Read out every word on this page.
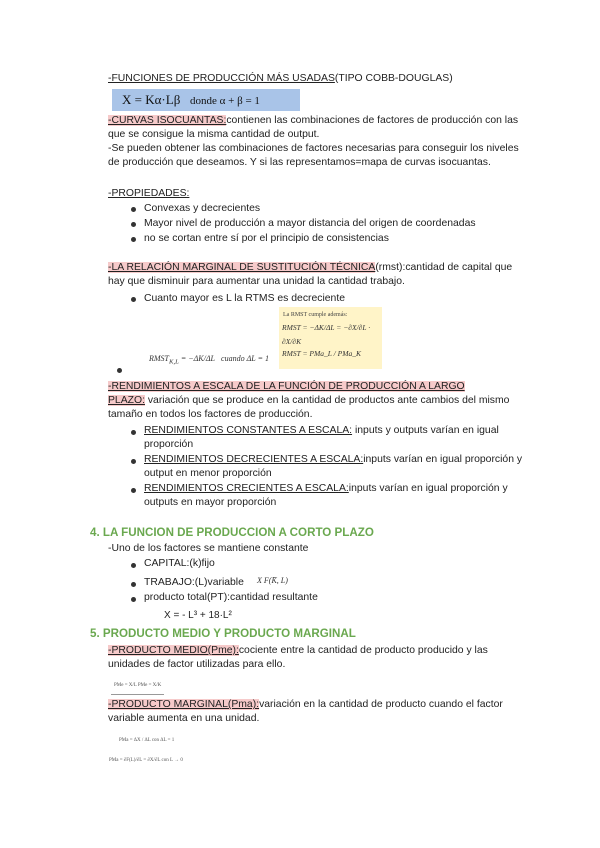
-FUNCIONES DE PRODUCCIÓN MÁS USADAS(TIPO COBB-DOUGLAS)
X = Kα·Lβ donde α + β = 1
-CURVAS ISOCUANTAS:contienen las combinaciones de factores de producción con las que se consigue la misma cantidad de output.
-Se pueden obtener las combinaciones de factores necesarias para conseguir los niveles de producción que deseamos. Y si las representamos=mapa de curvas isocuantas.
-PROPIEDADES:
Convexas y decrecientes
Mayor nivel de producción a mayor distancia del origen de coordenadas
no se cortan entre sí por el principio de consistencias
-LA RELACIÓN MARGINAL DE SUSTITUCIÓN TÉCNICA(rmst):cantidad de capital que hay que disminuir para aumentar una unidad la cantidad trabajo.
Cuanto mayor es L la RTMS es decreciente
La RMST cumple además:
RMST = −ΔK/ΔL = −∂X/∂L · ∂X/∂K
RMST = PMa_L / PMa_K
$RMST_{K,L} = -\Delta K/\Delta L$   cuando ΔL = 1
-RENDIMIENTOS A ESCALA DE LA FUNCIÓN DE PRODUCCIÓN A LARGO
PLAZO: variación que se produce en la cantidad de productos ante cambios del mismo tamaño en todos los factores de producción.
RENDIMIENTOS CONSTANTES A ESCALA: inputs y outputs varían en igual proporción
RENDIMIENTOS DECRECIENTES A ESCALA:inputs varían en igual proporción y output en menor proporción
RENDIMIENTOS CRECIENTES A ESCALA:inputs varían en igual proporción y outputs en mayor proporción
4. LA FUNCION DE PRODUCCION A CORTO PLAZO
-Uno de los factores se mantiene constante
CAPITAL:(k)fijo
TRABAJO:(L)variable X F(K̄, L)
producto total(PT):cantidad resultante
X = - L³ + 18·L²
5. PRODUCTO MEDIO Y PRODUCTO MARGINAL
-PRODUCTO MEDIO(Pme):cociente entre la cantidad de producto producido y las unidades de factor utilizadas para ello.
PMe = X/L PMe = X/K
-PRODUCTO MARGINAL(Pma):variación en la cantidad de producto cuando el factor variable aumenta en una unidad.
PMa = ΔX / ΔL con ΔL = 1
PMa = ∂F(L)/∂L = ∂X/∂L con L → 0
